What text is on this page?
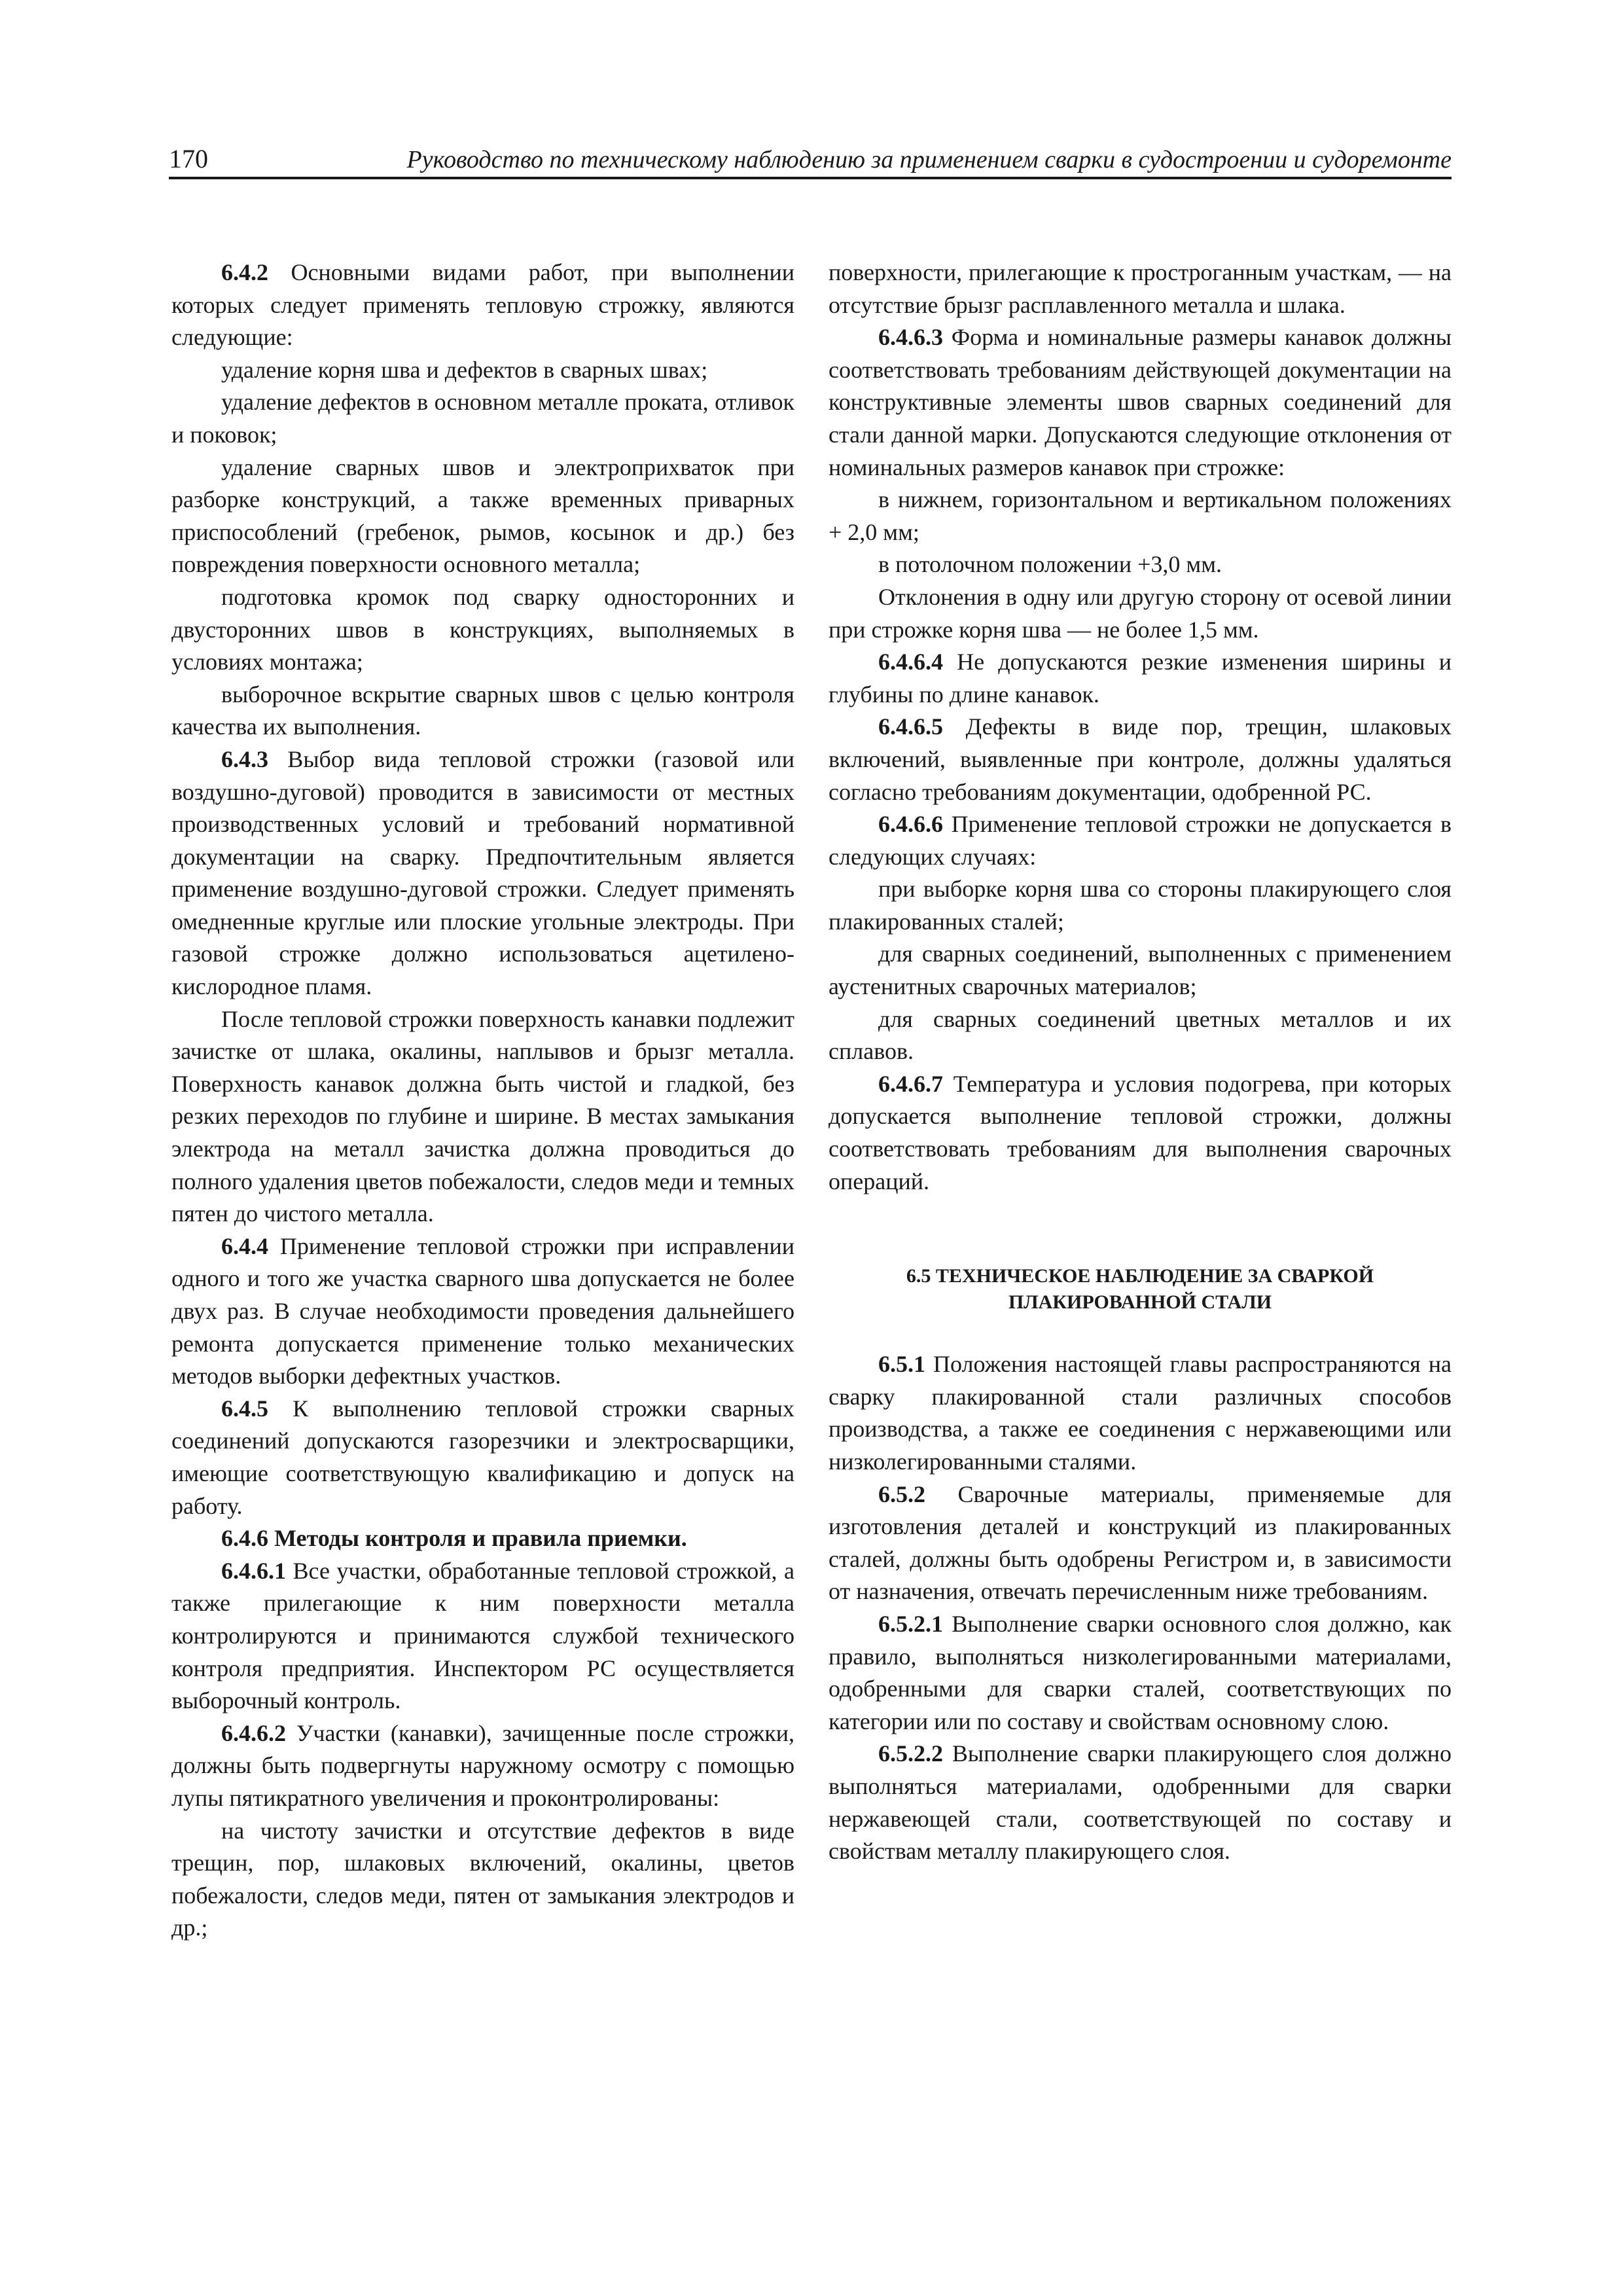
170	Руководство по техническому наблюдению за применением сварки в судостроении и судоремонте

6.4.2 Основными видами работ, при выполнении которых следует применять тепловую строжку, являются следующие:

удаление корня шва и дефектов в сварных швах;

удаление дефектов в основном металле проката, отливок и поковок;

удаление сварных швов и электроприхваток при разборке конструкций, а также временных приварных приспособлений (гребенок, рымов, косынок и др.) без повреждения поверхности основного металла;

подготовка кромок под сварку односторонних и двусторонних швов в конструкциях, выполняемых в условиях монтажа;

выборочное вскрытие сварных швов с целью контроля качества их выполнения.

6.4.3 Выбор вида тепловой строжки (газовой или воздушно-дуговой) проводится в зависимости от местных производственных условий и требований нормативной документации на сварку. Предпочтительным является применение воздушно-дуговой строжки. Следует применять омедненные круглые или плоские угольные электроды. При газовой строжке должно использоваться ацетилено-кислородное пламя.

После тепловой строжки поверхность канавки подлежит зачистке от шлака, окалины, наплывов и брызг металла. Поверхность канавок должна быть чистой и гладкой, без резких переходов по глубине и ширине. В местах замыкания электрода на металл зачистка должна проводиться до полного удаления цветов побежалости, следов меди и темных пятен до чистого металла.

6.4.4 Применение тепловой строжки при исправлении одного и того же участка сварного шва допускается не более двух раз. В случае необходимости проведения дальнейшего ремонта допускается применение только механических методов выборки дефектных участков.

6.4.5 К выполнению тепловой строжки сварных соединений допускаются газорезчики и электросварщики, имеющие соответствующую квалификацию и допуск на работу.

6.4.6 Методы контроля и правила приемки.

6.4.6.1 Все участки, обработанные тепловой строжкой, а также прилегающие к ним поверхности металла контролируются и принимаются службой технического контроля предприятия. Инспектором РС осуществляется выборочный контроль.

6.4.6.2 Участки (канавки), зачищенные после строжки, должны быть подвергнуты наружному осмотру с помощью лупы пятикратного увеличения и проконтролированы:

на чистоту зачистки и отсутствие дефектов в виде трещин, пор, шлаковых включений, окалины, цветов побежалости, следов меди, пятен от замыкания электродов и др.;

поверхности, прилегающие к простроганным участкам, — на отсутствие брызг расплавленного металла и шлака.

6.4.6.3 Форма и номинальные размеры канавок должны соответствовать требованиям действующей документации на конструктивные элементы швов сварных соединений для стали данной марки. Допускаются следующие отклонения от номинальных размеров канавок при строжке:

в нижнем, горизонтальном и вертикальном положениях + 2,0 мм;

в потолочном положении +3,0 мм.

Отклонения в одну или другую сторону от осевой линии при строжке корня шва — не более 1,5 мм.

6.4.6.4 Не допускаются резкие изменения ширины и глубины по длине канавок.

6.4.6.5 Дефекты в виде пор, трещин, шлаковых включений, выявленные при контроле, должны удаляться согласно требованиям документации, одобренной РС.

6.4.6.6 Применение тепловой строжки не допускается в следующих случаях:

при выборке корня шва со стороны плакирующего слоя плакированных сталей;

для сварных соединений, выполненных с применением аустенитных сварочных материалов;

для сварных соединений цветных металлов и их сплавов.

6.4.6.7 Температура и условия подогрева, при которых допускается выполнение тепловой строжки, должны соответствовать требованиям для выполнения сварочных операций.

6.5 ТЕХНИЧЕСКОЕ НАБЛЮДЕНИЕ ЗА СВАРКОЙ

ПЛАКИРОВАННОЙ СТАЛИ

6.5.1 Положения настоящей главы распространяются на сварку плакированной стали различных способов производства, а также ее соединения с нержавеющими или низколегированными сталями.

6.5.2 Сварочные материалы, применяемые для изготовления деталей и конструкций из плакированных сталей, должны быть одобрены Регистром и, в зависимости от назначения, отвечать перечисленным ниже требованиям.

6.5.2.1 Выполнение сварки основного слоя должно, как правило, выполняться низколегированными материалами, одобренными для сварки сталей, соответствующих по категории или по составу и свойствам основному слою.

6.5.2.2 Выполнение сварки плакирующего слоя должно выполняться материалами, одобренными для сварки нержавеющей стали, соответствующей по составу и свойствам металлу плакирующего слоя.
